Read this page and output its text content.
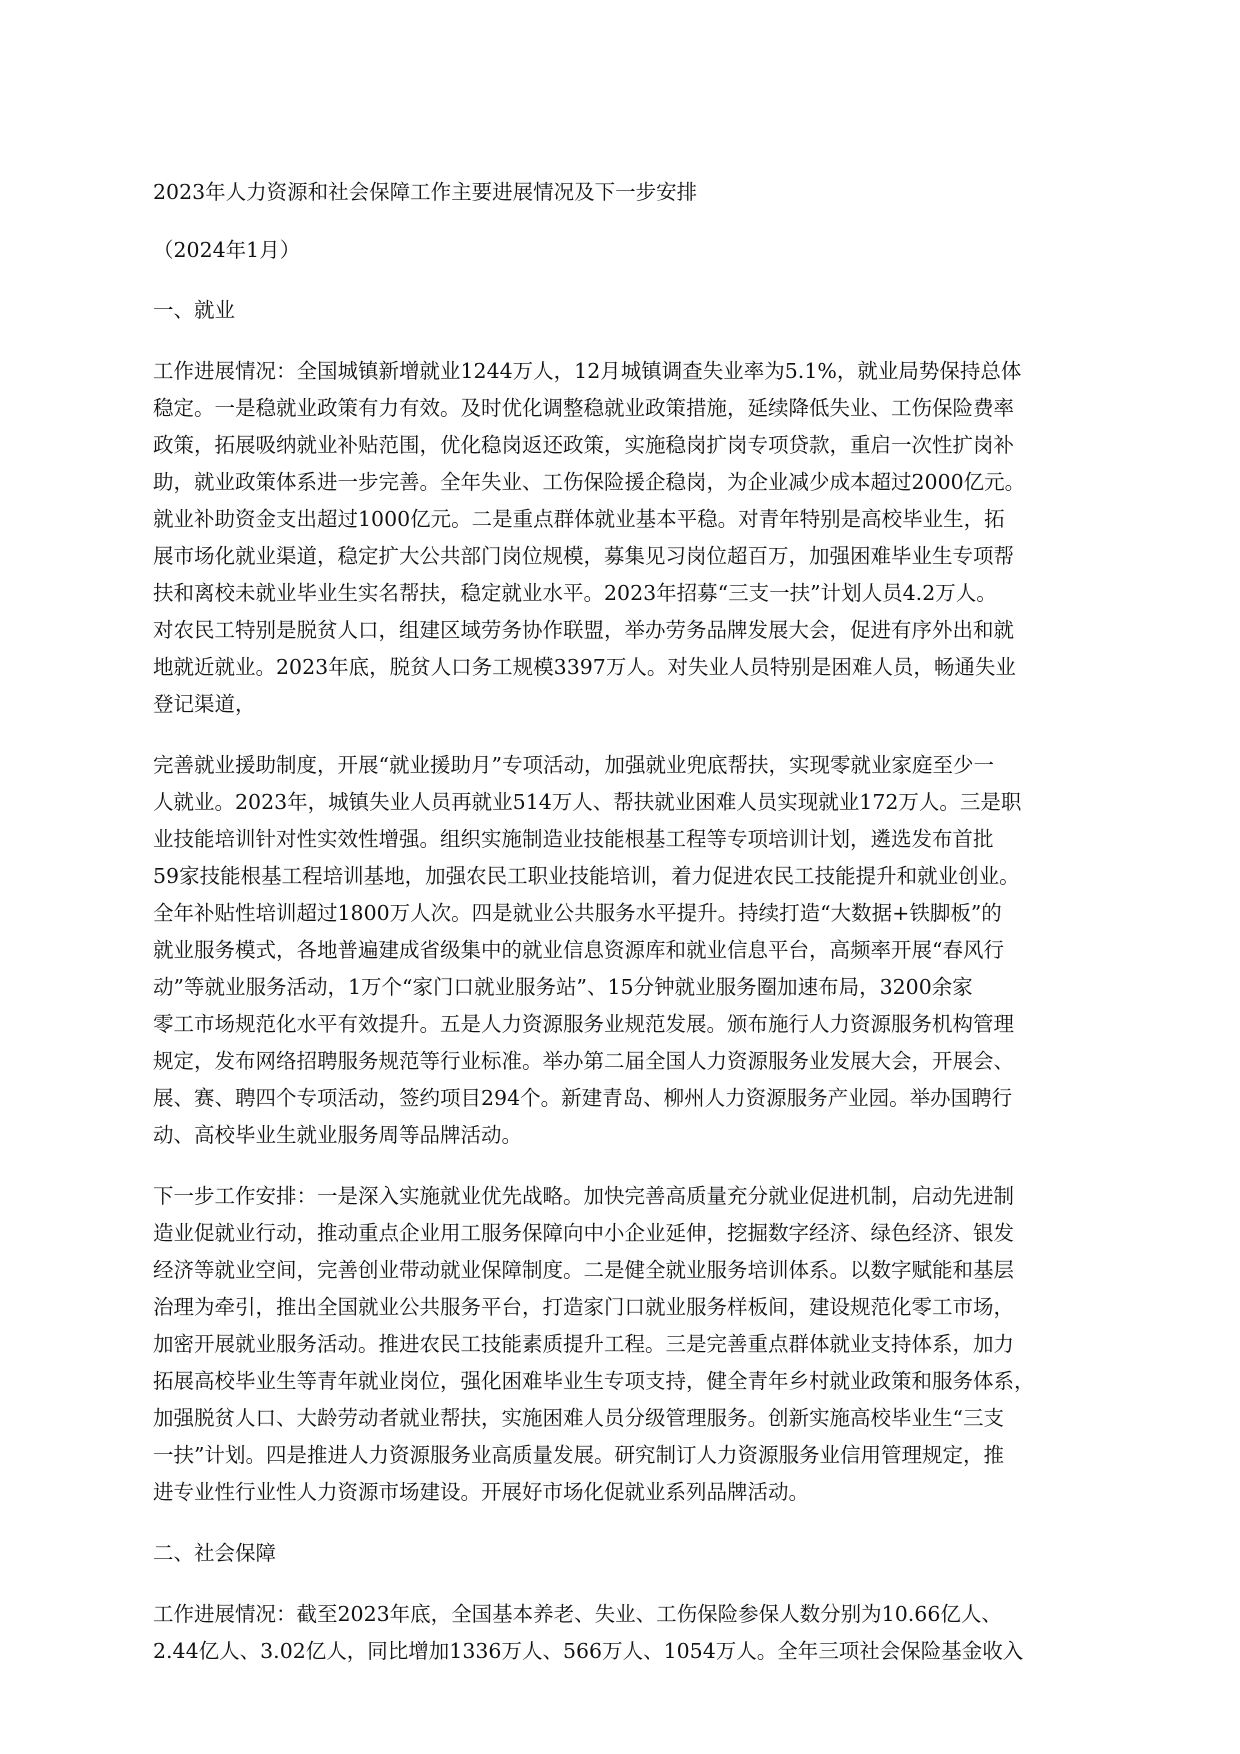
2023年人力资源和社会保障工作主要进展情况及下一步安排

（2024年1月）

一、就业

工作进展情况：全国城镇新增就业1244万人，12月城镇调查失业率为5.1%，就业局势保持总体

稳定。一是稳就业政策有力有效。及时优化调整稳就业政策措施，延续降低失业、工伤保险费率

政策，拓展吸纳就业补贴范围，优化稳岗返还政策，实施稳岗扩岗专项贷款，重启一次性扩岗补

助，就业政策体系进一步完善。全年失业、工伤保险援企稳岗，为企业减少成本超过2000亿元。

就业补助资金支出超过1000亿元。二是重点群体就业基本平稳。对青年特别是高校毕业生，拓

展市场化就业渠道，稳定扩大公共部门岗位规模，募集见习岗位超百万，加强困难毕业生专项帮

扶和离校未就业毕业生实名帮扶，稳定就业水平。2023年招募“三支一扶”计划人员4.2万人。

对农民工特别是脱贫人口，组建区域劳务协作联盟，举办劳务品牌发展大会，促进有序外出和就

地就近就业。2023年底，脱贫人口务工规模3397万人。对失业人员特别是困难人员，畅通失业

登记渠道，

完善就业援助制度，开展“就业援助月”专项活动，加强就业兜底帮扶，实现零就业家庭至少一

人就业。2023年，城镇失业人员再就业514万人、帮扶就业困难人员实现就业172万人。三是职

业技能培训针对性实效性增强。组织实施制造业技能根基工程等专项培训计划，遴选发布首批

59家技能根基工程培训基地，加强农民工职业技能培训，着力促进农民工技能提升和就业创业。

全年补贴性培训超过1800万人次。四是就业公共服务水平提升。持续打造“大数据+铁脚板”的

就业服务模式，各地普遍建成省级集中的就业信息资源库和就业信息平台，高频率开展“春风行

动”等就业服务活动，1万个“家门口就业服务站”、15分钟就业服务圈加速布局，3200余家

零工市场规范化水平有效提升。五是人力资源服务业规范发展。颁布施行人力资源服务机构管理

规定，发布网络招聘服务规范等行业标准。举办第二届全国人力资源服务业发展大会，开展会、

展、赛、聘四个专项活动，签约项目294个。新建青岛、柳州人力资源服务产业园。举办国聘行

动、高校毕业生就业服务周等品牌活动。

下一步工作安排：一是深入实施就业优先战略。加快完善高质量充分就业促进机制，启动先进制

造业促就业行动，推动重点企业用工服务保障向中小企业延伸，挖掘数字经济、绿色经济、银发

经济等就业空间，完善创业带动就业保障制度。二是健全就业服务培训体系。以数字赋能和基层

治理为牵引，推出全国就业公共服务平台，打造家门口就业服务样板间，建设规范化零工市场，

加密开展就业服务活动。推进农民工技能素质提升工程。三是完善重点群体就业支持体系，加力

拓展高校毕业生等青年就业岗位，强化困难毕业生专项支持，健全青年乡村就业政策和服务体系，

加强脱贫人口、大龄劳动者就业帮扶，实施困难人员分级管理服务。创新实施高校毕业生“三支

一扶”计划。四是推进人力资源服务业高质量发展。研究制订人力资源服务业信用管理规定，推

进专业性行业性人力资源市场建设。开展好市场化促就业系列品牌活动。

二、社会保障

工作进展情况：截至2023年底，全国基本养老、失业、工伤保险参保人数分别为10.66亿人、

2.44亿人、3.02亿人，同比增加1336万人、566万人、1054万人。全年三项社会保险基金收入
